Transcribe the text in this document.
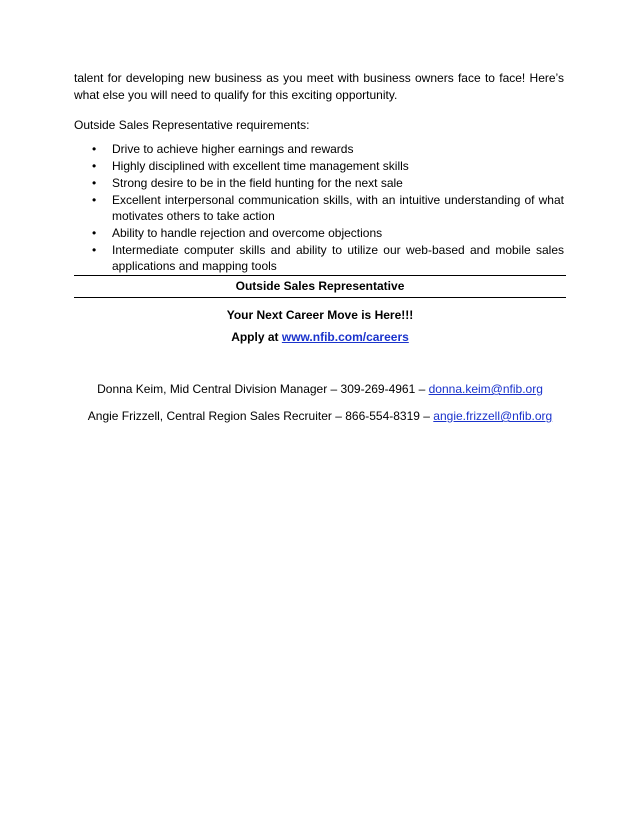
talent for developing new business as you meet with business owners face to face! Here’s what else you will need to qualify for this exciting opportunity.
Outside Sales Representative requirements:
• Drive to achieve higher earnings and rewards
• Highly disciplined with excellent time management skills
• Strong desire to be in the field hunting for the next sale
• Excellent interpersonal communication skills, with an intuitive understanding of what motivates others to take action
• Ability to handle rejection and overcome objections
• Intermediate computer skills and ability to utilize our web-based and mobile sales applications and mapping tools
Outside Sales Representative
Your Next Career Move is Here!!!
Apply at www.nfib.com/careers
Donna Keim, Mid Central Division Manager – 309-269-4961 – donna.keim@nfib.org
Angie Frizzell, Central Region Sales Recruiter – 866-554-8319 – angie.frizzell@nfib.org
